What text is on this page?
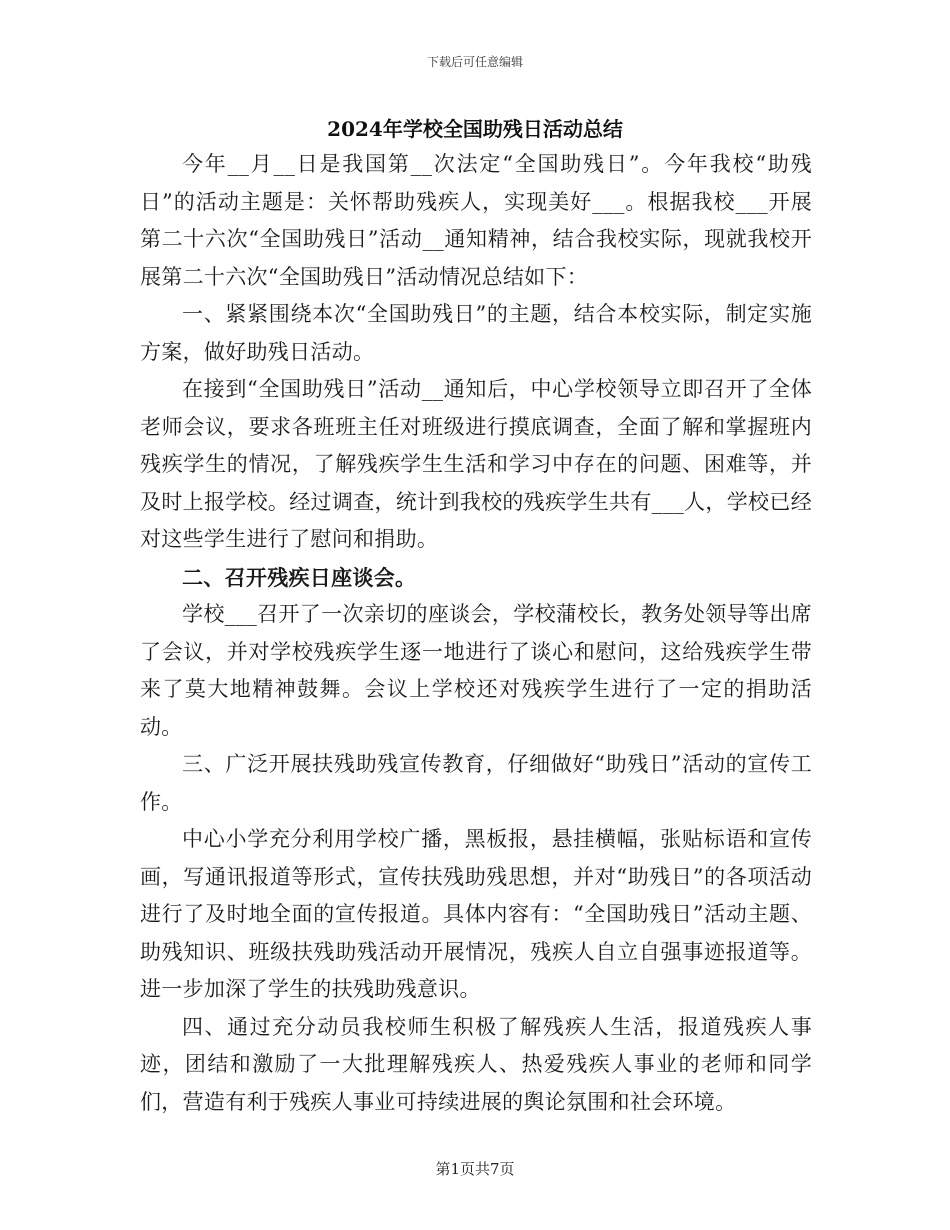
下载后可任意编辑
2024年学校全国助残日活动总结

今年__月__日是我国第__次法定“全国助残日”。今年我校“助残日”的活动主题是：关怀帮助残疾人，实现美好___。根据我校___开展第二十六次“全国助残日”活动__通知精神，结合我校实际，现就我校开展第二十六次“全国助残日”活动情况总结如下：

一、紧紧围绕本次“全国助残日”的主题，结合本校实际，制定实施方案，做好助残日活动。

在接到“全国助残日”活动__通知后，中心学校领导立即召开了全体老师会议，要求各班班主任对班级进行摸底调查，全面了解和掌握班内残疾学生的情况，了解残疾学生生活和学习中存在的问题、困难等，并及时上报学校。经过调查，统计到我校的残疾学生共有___人，学校已经对这些学生进行了慰问和捐助。

二、召开残疾日座谈会。

学校___召开了一次亲切的座谈会，学校蒲校长，教务处领导等出席了会议，并对学校残疾学生逐一地进行了谈心和慰问，这给残疾学生带来了莫大地精神鼓舞。会议上学校还对残疾学生进行了一定的捐助活动。

三、广泛开展扶残助残宣传教育，仔细做好“助残日”活动的宣传工作。

中心小学充分利用学校广播，黑板报，悬挂横幅，张贴标语和宣传画，写通讯报道等形式，宣传扶残助残思想，并对“助残日”的各项活动进行了及时地全面的宣传报道。具体内容有：“全国助残日”活动主题、助残知识、班级扶残助残活动开展情况，残疾人自立自强事迹报道等。进一步加深了学生的扶残助残意识。

四、通过充分动员我校师生积极了解残疾人生活，报道残疾人事迹，团结和激励了一大批理解残疾人、热爱残疾人事业的老师和同学们，营造有利于残疾人事业可持续进展的舆论氛围和社会环境。

第1页共7页
